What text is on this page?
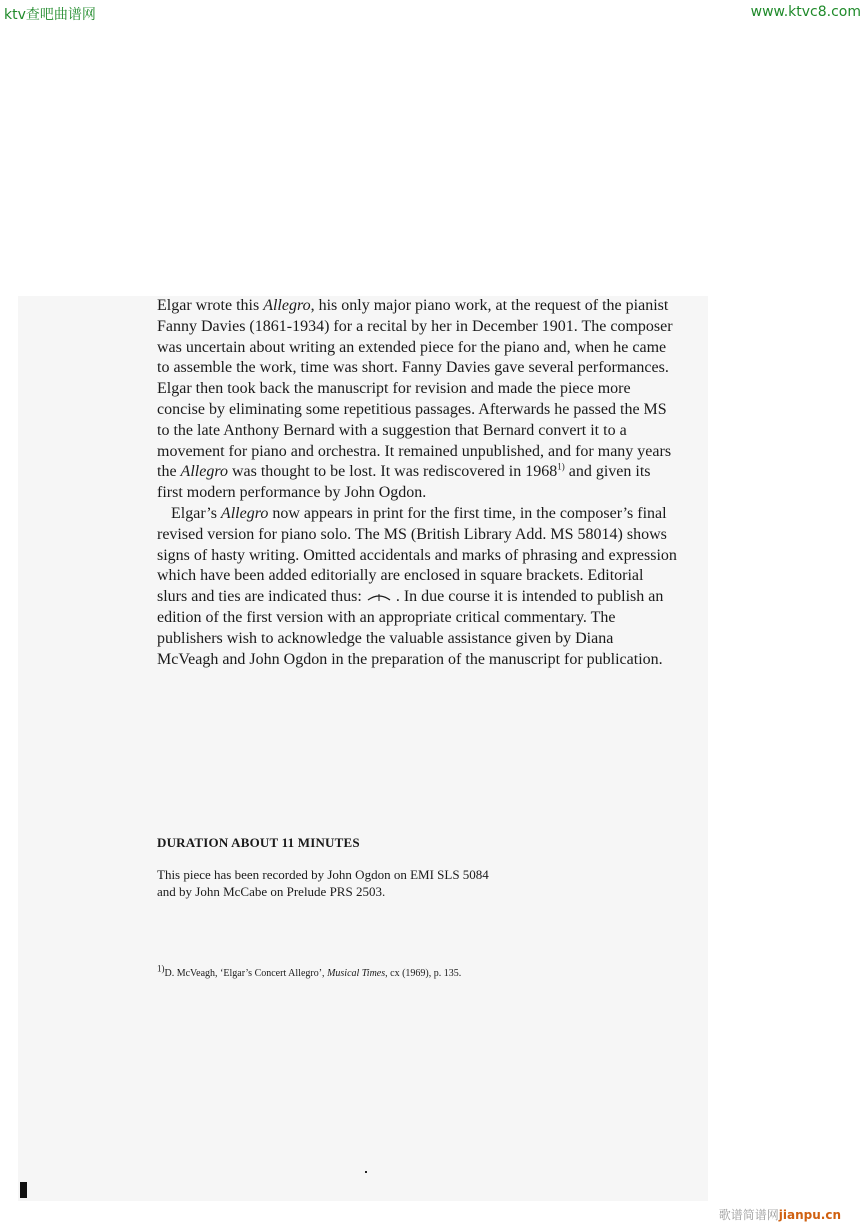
ktv查吧曲谱网	www.ktvc8.com

Elgar wrote this Allegro, his only major piano work, at the request of the pianist Fanny Davies (1861-1934) for a recital by her in December 1901. The composer was uncertain about writing an extended piece for the piano and, when he came to assemble the work, time was short. Fanny Davies gave several performances. Elgar then took back the manuscript for revision and made the piece more concise by eliminating some repetitious passages. Afterwards he passed the MS to the late Anthony Bernard with a suggestion that Bernard convert it to a movement for piano and orchestra. It remained unpublished, and for many years the Allegro was thought to be lost. It was rediscovered in 1968$^{1)}$ and given its first modern performance by John Ogdon.

Elgar’s Allegro now appears in print for the first time, in the composer’s final revised version for piano solo. The MS (British Library Add. MS 58014) shows signs of hasty writing. Omitted accidentals and marks of phrasing and expression which have been added editorially are enclosed in square brackets. Editorial slurs and ties are indicated thus: . In due course it is intended to publish an edition of the first version with an appropriate critical commentary. The publishers wish to acknowledge the valuable assistance given by Diana McVeagh and John Ogdon in the preparation of the manuscript for publication.

DURATION ABOUT 11 MINUTES

This piece has been recorded by John Ogdon on EMI SLS 5084

and by John McCabe on Prelude PRS 2503.

$^{1)}$D. McVeagh, ‘Elgar’s Concert Allegro’, Musical Times, cx (1969), p. 135.
歌谱简谱网jianpu.cn
